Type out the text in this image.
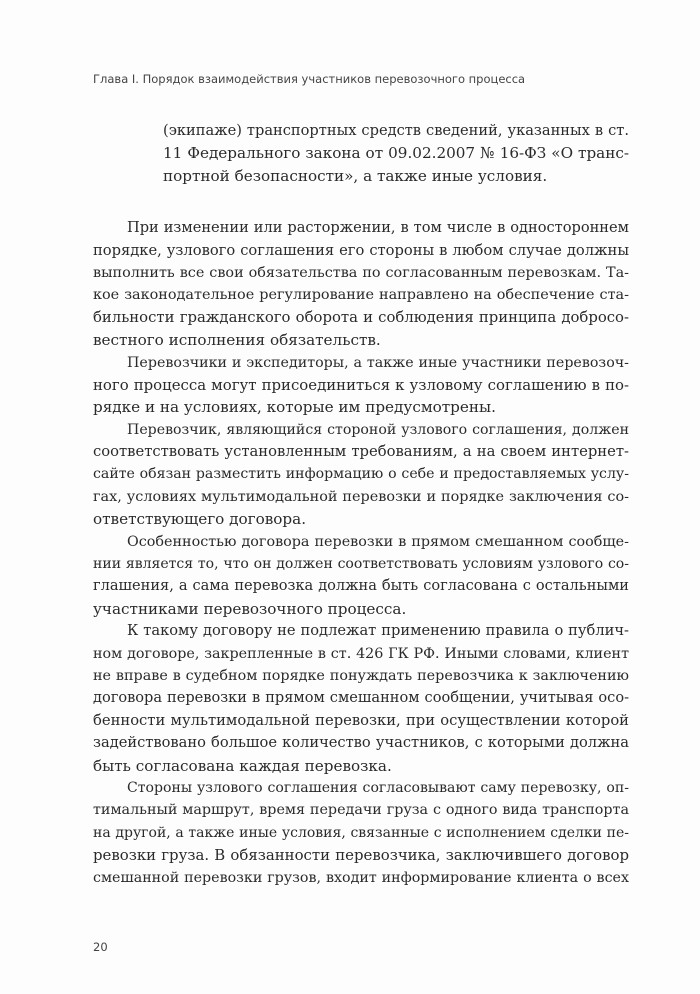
Глава I. Порядок взаимодействия участников перевозочного процесса
(экипаже) транспортных средств сведений, указанных в ст.
11 Федерального закона от 09.02.2007 № 16-ФЗ «О транс-
портной безопасности», а также иные условия.
При изменении или расторжении, в том числе в одностороннем
порядке, узлового соглашения его стороны в любом случае должны
выполнить все свои обязательства по согласованным перевозкам. Та-
кое законодательное регулирование направлено на обеспечение ста-
бильности гражданского оборота и соблюдения принципа добросо-
вестного исполнения обязательств.
Перевозчики и экспедиторы, а также иные участники перевозоч-
ного процесса могут присоединиться к узловому соглашению в по-
рядке и на условиях, которые им предусмотрены.
Перевозчик, являющийся стороной узлового соглашения, должен
соответствовать установленным требованиям, а на своем интернет-
сайте обязан разместить информацию о себе и предоставляемых услу-
гах, условиях мультимодальной перевозки и порядке заключения со-
ответствующего договора.
Особенностью договора перевозки в прямом смешанном сообще-
нии является то, что он должен соответствовать условиям узлового со-
глашения, а сама перевозка должна быть согласована с остальными
участниками перевозочного процесса.
К такому договору не подлежат применению правила о публич-
ном договоре, закрепленные в ст. 426 ГК РФ. Иными словами, клиент
не вправе в судебном порядке понуждать перевозчика к заключению
договора перевозки в прямом смешанном сообщении, учитывая осо-
бенности мультимодальной перевозки, при осуществлении которой
задействовано большое количество участников, с которыми должна
быть согласована каждая перевозка.
Стороны узлового соглашения согласовывают саму перевозку, оп-
тимальный маршрут, время передачи груза с одного вида транспорта
на другой, а также иные условия, связанные с исполнением сделки пе-
ревозки груза. В обязанности перевозчика, заключившего договор
смешанной перевозки грузов, входит информирование клиента о всех
20
